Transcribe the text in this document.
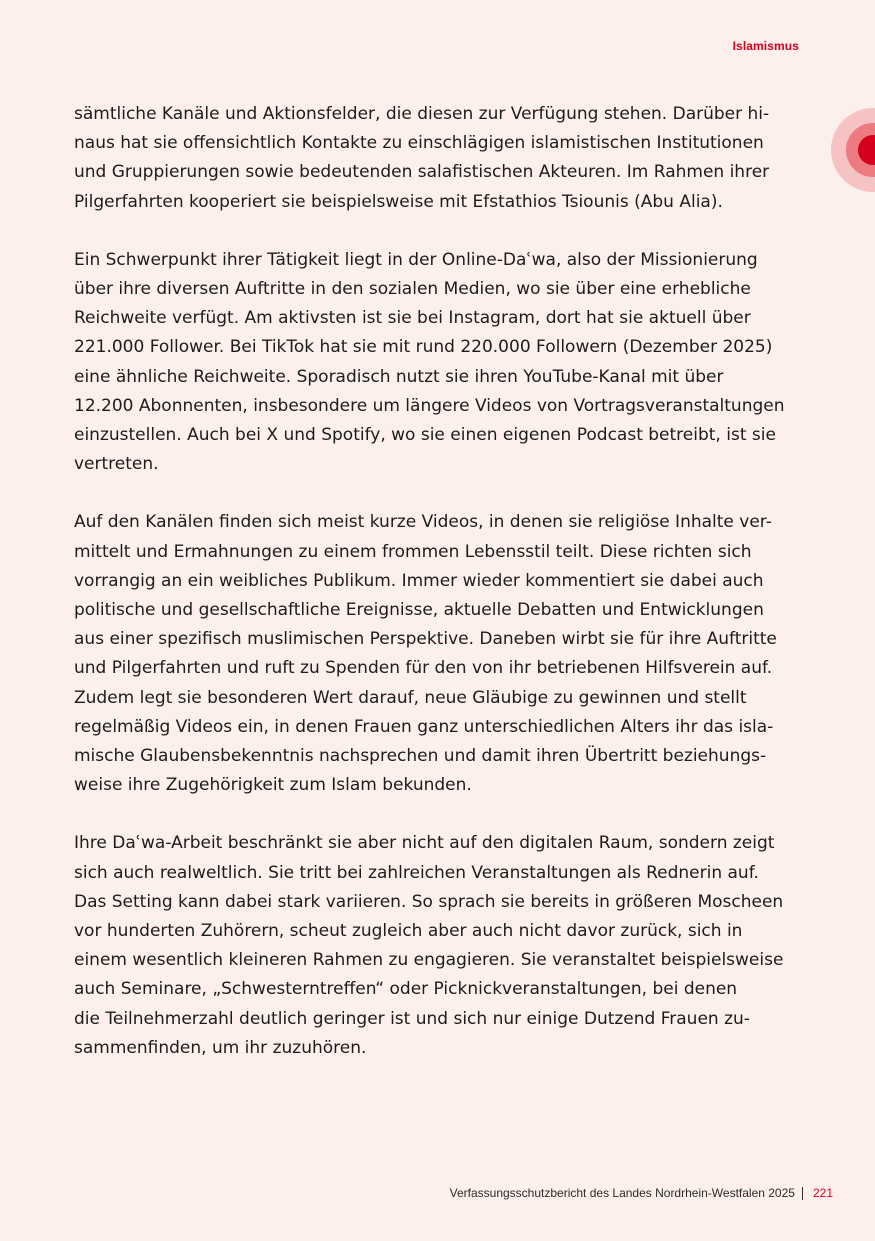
Islamismus

sämtliche Kanäle und Aktionsfelder, die diesen zur Verfügung stehen. Darüber hi-
naus hat sie offensichtlich Kontakte zu einschlägigen islamistischen Institutionen
und Gruppierungen sowie bedeutenden salafistischen Akteuren. Im Rahmen ihrer
Pilgerfahrten kooperiert sie beispielsweise mit Efstathios Tsiounis (Abu Alia).

Ein Schwerpunkt ihrer Tätigkeit liegt in der Online-Daʿwa, also der Missionierung
über ihre diversen Auftritte in den sozialen Medien, wo sie über eine erhebliche
Reichweite verfügt. Am aktivsten ist sie bei Instagram, dort hat sie aktuell über
221.000 Follower. Bei TikTok hat sie mit rund 220.000 Followern (Dezember 2025)
eine ähnliche Reichweite. Sporadisch nutzt sie ihren YouTube-Kanal mit über
12.200 Abonnenten, insbesondere um längere Videos von Vortragsveranstaltungen
einzustellen. Auch bei X und Spotify, wo sie einen eigenen Podcast betreibt, ist sie
vertreten.

Auf den Kanälen finden sich meist kurze Videos, in denen sie religiöse Inhalte ver-
mittelt und Ermahnungen zu einem frommen Lebensstil teilt. Diese richten sich
vorrangig an ein weibliches Publikum. Immer wieder kommentiert sie dabei auch
politische und gesellschaftliche Ereignisse, aktuelle Debatten und Entwicklungen
aus einer spezifisch muslimischen Perspektive. Daneben wirbt sie für ihre Auftritte
und Pilgerfahrten und ruft zu Spenden für den von ihr betriebenen Hilfsverein auf.
Zudem legt sie besonderen Wert darauf, neue Gläubige zu gewinnen und stellt
regelmäßig Videos ein, in denen Frauen ganz unterschiedlichen Alters ihr das isla-
mische Glaubensbekenntnis nachsprechen und damit ihren Übertritt beziehungs-
weise ihre Zugehörigkeit zum Islam bekunden.

Ihre Daʿwa-Arbeit beschränkt sie aber nicht auf den digitalen Raum, sondern zeigt
sich auch realweltlich. Sie tritt bei zahlreichen Veranstaltungen als Rednerin auf.
Das Setting kann dabei stark variieren. So sprach sie bereits in größeren Moscheen
vor hunderten Zuhörern, scheut zugleich aber auch nicht davor zurück, sich in
einem wesentlich kleineren Rahmen zu engagieren. Sie veranstaltet beispielsweise
auch Seminare, „Schwesterntreffen“ oder Picknickveranstaltungen, bei denen
die Teilnehmerzahl deutlich geringer ist und sich nur einige Dutzend Frauen zu-
sammenfinden, um ihr zuzuhören.

Verfassungsschutzbericht des Landes Nordrhein-Westfalen 2025 221
